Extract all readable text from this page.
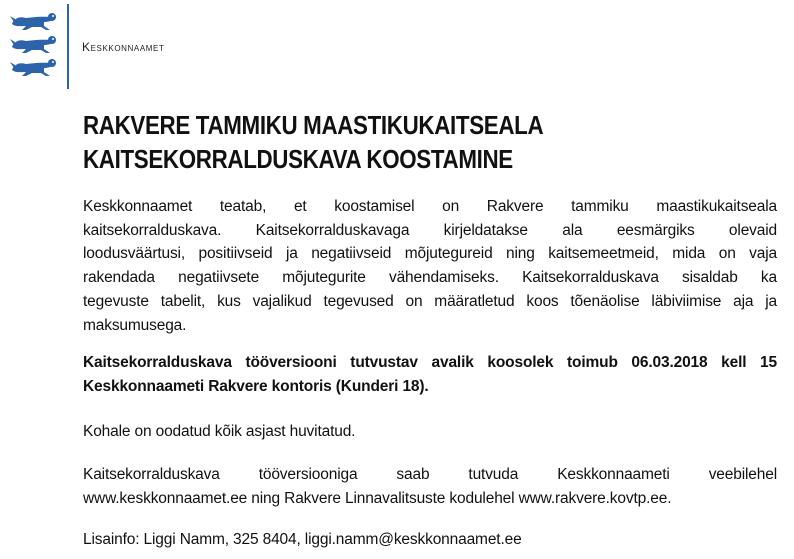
Keskkonnaamet
RAKVERE TAMMIKU MAASTIKUKAITSEALA
KAITSEKORRALDUSKAVA KOOSTAMINE
Keskkonnaamet teatab, et koostamisel on Rakvere tammiku maastikukaitseala
kaitsekorralduskava. Kaitsekorralduskavaga kirjeldatakse ala eesmärgiks olevaid
loodusväärtusi, positiivseid ja negatiivseid mõjutegureid ning kaitsemeetmeid, mida on vaja
rakendada negatiivsete mõjutegurite vähendamiseks. Kaitsekorralduskava sisaldab ka
tegevuste tabelit, kus vajalikud tegevused on määratletud koos tõenäolise läbiviimise aja ja
maksumusega.
Kaitsekorralduskava tööversiooni tutvustav avalik koosolek toimub 06.03.2018 kell 15
Keskkonnaameti Rakvere kontoris (Kunderi 18).
Kohale on oodatud kõik asjast huvitatud.
Kaitsekorralduskava tööversiooniga saab tutvuda Keskkonnaameti veebilehel
www.keskkonnaamet.ee ning Rakvere Linnavalitsuste kodulehel www.rakvere.kovtp.ee.
Lisainfo: Liggi Namm, 325 8404, liggi.namm@keskkonnaamet.ee
